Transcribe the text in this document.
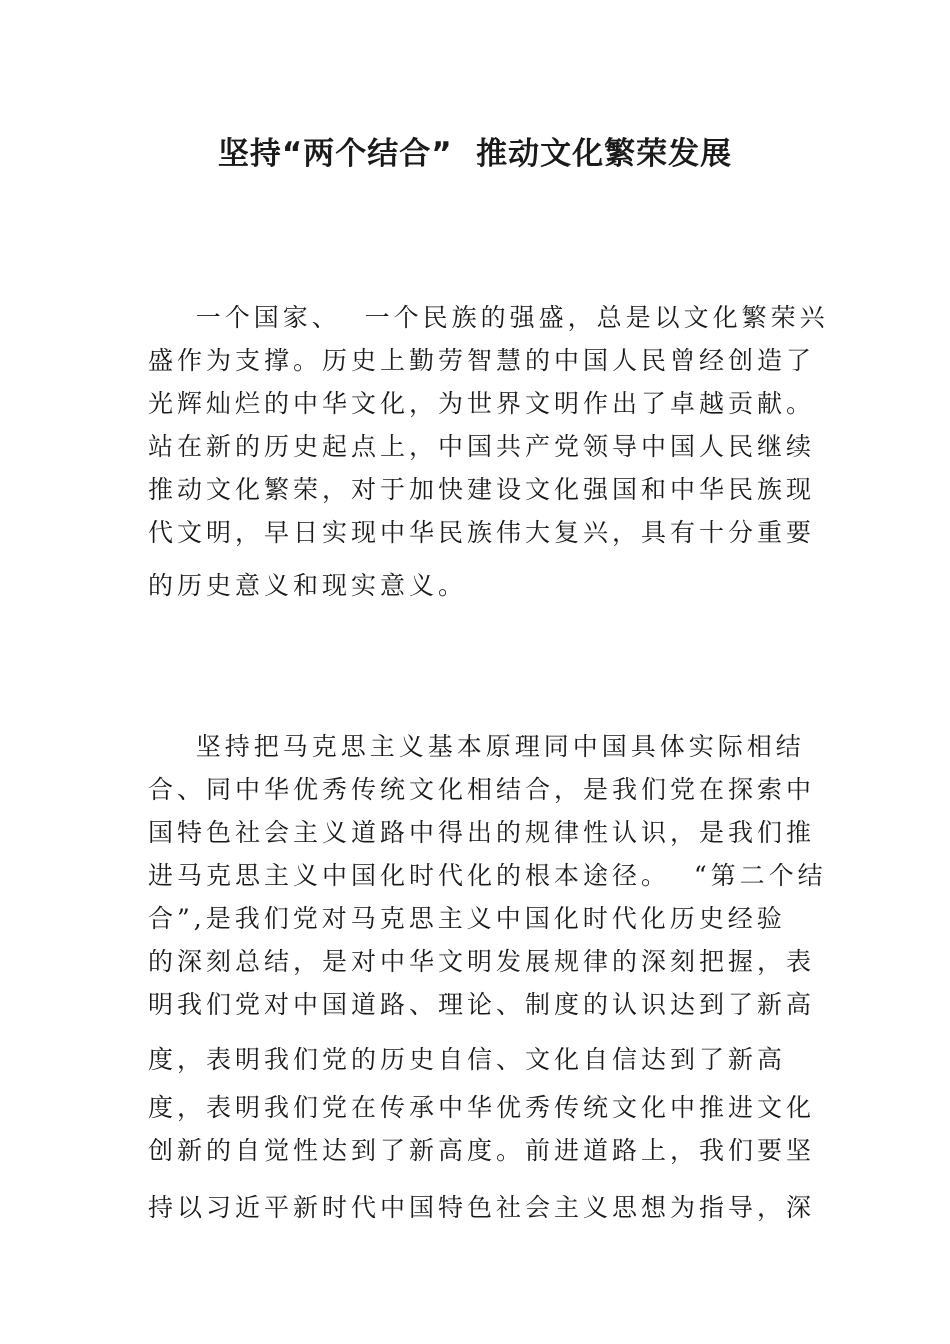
坚持“两个结合”  推动文化繁荣发展
一个国家、  一个民族的强盛，总是以文化繁荣兴
盛作为支撑。历史上勤劳智慧的中国人民曾经创造了
光辉灿烂的中华文化，为世界文明作出了卓越贡献。
站在新的历史起点上，中国共产党领导中国人民继续
推动文化繁荣，对于加快建设文化强国和中华民族现
代文明，早日实现中华民族伟大复兴，具有十分重要
的历史意义和现实意义。
坚持把马克思主义基本原理同中国具体实际相结
合、同中华优秀传统文化相结合，是我们党在探索中
国特色社会主义道路中得出的规律性认识，是我们推
进马克思主义中国化时代化的根本途径。  “第二个结
合”,是我们党对马克思主义中国化时代化历史经验
的深刻总结，是对中华文明发展规律的深刻把握，表
明我们党对中国道路、理论、制度的认识达到了新高
度，表明我们党的历史自信、文化自信达到了新高
度，表明我们党在传承中华优秀传统文化中推进文化
创新的自觉性达到了新高度。前进道路上，我们要坚
持以习近平新时代中国特色社会主义思想为指导，深
